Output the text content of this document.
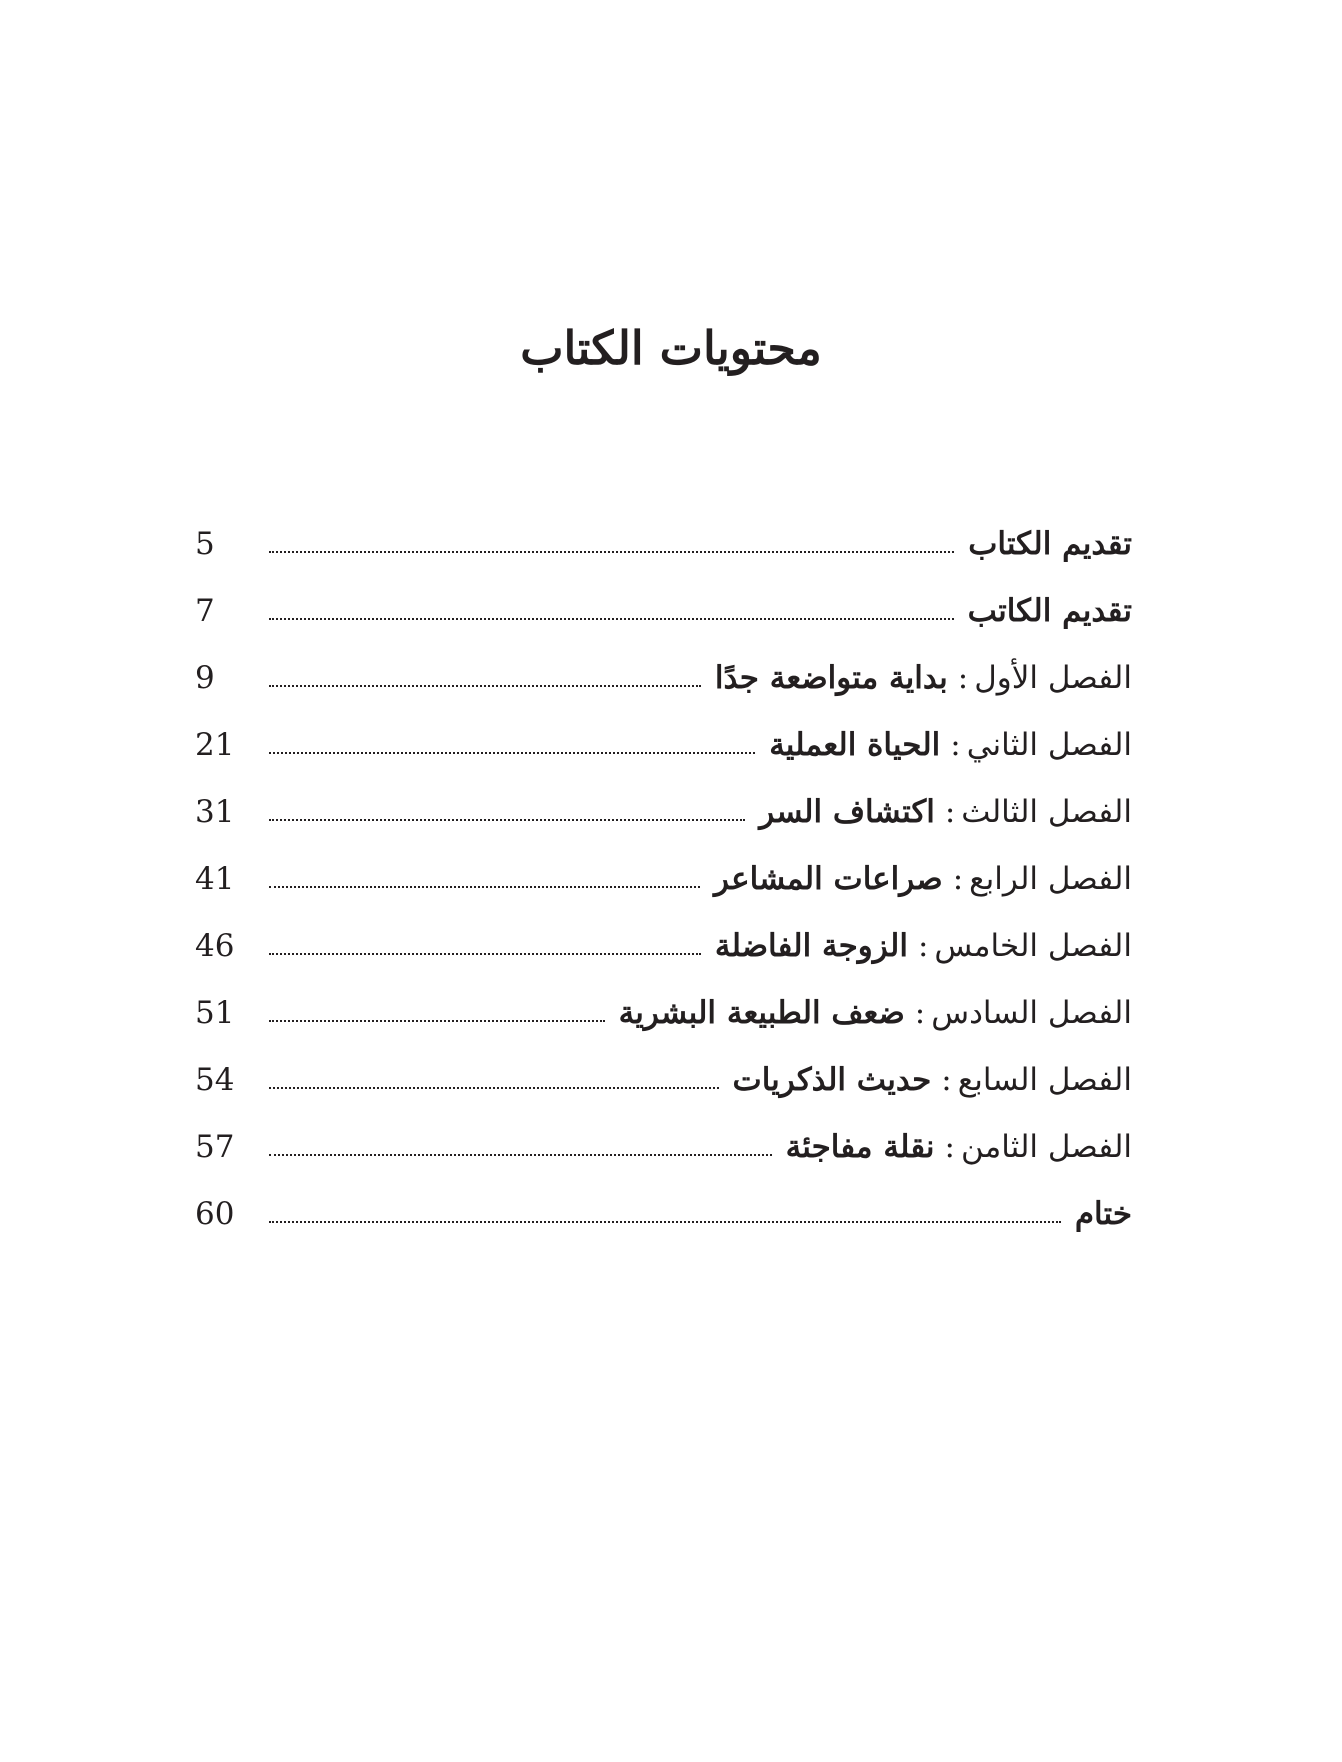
محتويات الكتاب
تقديم الكتاب
5
تقديم الكاتب
7
الفصل الأول:بداية متواضعة جدًا
9
الفصل الثاني:الحياة العملية
21
الفصل الثالث:اكتشاف السر
31
الفصل الرابع:صراعات المشاعر
41
الفصل الخامس:الزوجة الفاضلة
46
الفصل السادس:ضعف الطبيعة البشرية
51
الفصل السابع:حديث الذكريات
54
الفصل الثامن:نقلة مفاجئة
57
ختام
60
